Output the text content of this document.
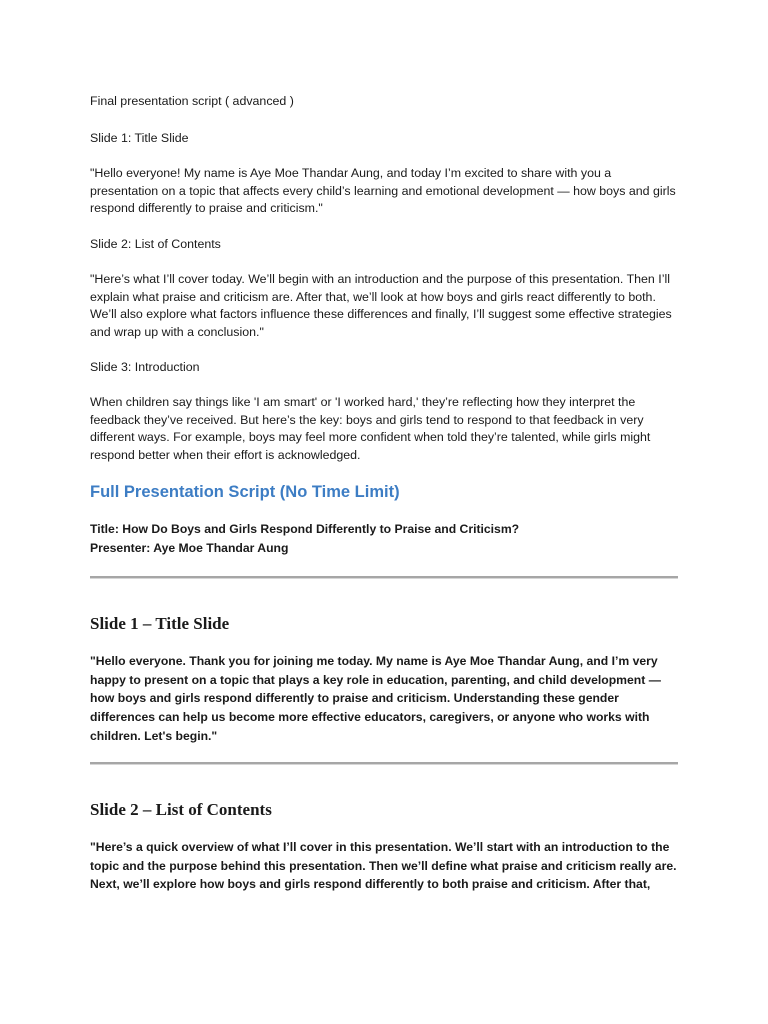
Final presentation script ( advanced )

Slide 1: Title Slide

"Hello everyone! My name is Aye Moe Thandar Aung, and today I’m excited to share with you a presentation on a topic that affects every child’s learning and emotional development — how boys and girls respond differently to praise and criticism."

Slide 2: List of Contents

"Here’s what I’ll cover today. We’ll begin with an introduction and the purpose of this presentation. Then I’ll explain what praise and criticism are. After that, we’ll look at how boys and girls react differently to both. We’ll also explore what factors influence these differences and finally, I’ll suggest some effective strategies and wrap up with a conclusion."

Slide 3: Introduction

When children say things like 'I am smart' or 'I worked hard,' they’re reflecting how they interpret the feedback they’ve received. But here’s the key: boys and girls tend to respond to that feedback in very different ways. For example, boys may feel more confident when told they’re talented, while girls might respond better when their effort is acknowledged.

Full Presentation Script (No Time Limit)

Title: How Do Boys and Girls Respond Differently to Praise and Criticism?

Presenter: Aye Moe Thandar Aung

Slide 1 – Title Slide

"Hello everyone. Thank you for joining me today. My name is Aye Moe Thandar Aung, and I’m very happy to present on a topic that plays a key role in education, parenting, and child development — how boys and girls respond differently to praise and criticism. Understanding these gender differences can help us become more effective educators, caregivers, or anyone who works with children. Let's begin."

Slide 2 – List of Contents

"Here’s a quick overview of what I’ll cover in this presentation. We’ll start with an introduction to the topic and the purpose behind this presentation. Then we’ll define what praise and criticism really are. Next, we’ll explore how boys and girls respond differently to both praise and criticism. After that,
